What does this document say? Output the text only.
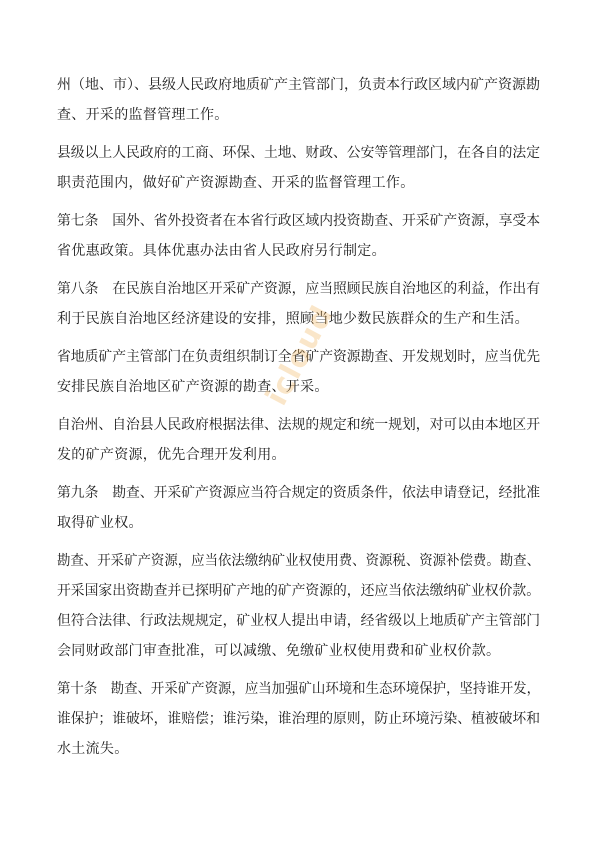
州（地、市）、县级人民政府地质矿产主管部门，负责本行政区域内矿产资源勘
查、开采的监督管理工作。

县级以上人民政府的工商、环保、土地、财政、公安等管理部门，在各自的法定
职责范围内，做好矿产资源勘查、开采的监督管理工作。

第七条　国外、省外投资者在本省行政区域内投资勘查、开采矿产资源，享受本
省优惠政策。具体优惠办法由省人民政府另行制定。

第八条　在民族自治地区开采矿产资源，应当照顾民族自治地区的利益，作出有
利于民族自治地区经济建设的安排，照顾当地少数民族群众的生产和生活。

省地质矿产主管部门在负责组织制订全省矿产资源勘查、开发规划时，应当优先
安排民族自治地区矿产资源的勘查、开采。

自治州、自治县人民政府根据法律、法规的规定和统一规划，对可以由本地区开
发的矿产资源，优先合理开发利用。

第九条　勘查、开采矿产资源应当符合规定的资质条件，依法申请登记，经批准
取得矿业权。

勘查、开采矿产资源，应当依法缴纳矿业权使用费、资源税、资源补偿费。勘查、
开采国家出资勘查并已探明矿产地的矿产资源的，还应当依法缴纳矿业权价款。
但符合法律、行政法规规定，矿业权人提出申请，经省级以上地质矿产主管部门
会同财政部门审查批准，可以减缴、免缴矿业权使用费和矿业权价款。

第十条　勘查、开采矿产资源，应当加强矿山环境和生态环境保护，坚持谁开发，
谁保护；谁破坏，谁赔偿；谁污染，谁治理的原则，防止环境污染、植被破坏和
水土流失。

icloud
